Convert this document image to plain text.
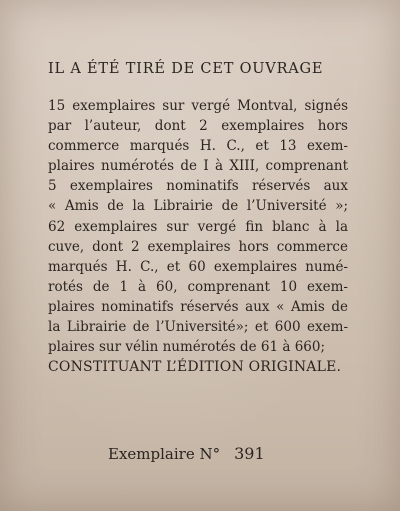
IL A ÉTÉ TIRÉ DE CET OUVRAGE
15 exemplaires sur vergé Montval, signés
par l’auteur, dont 2 exemplaires hors
commerce marqués H. C., et 13 exem-
plaires numérotés de I à XIII, comprenant
5 exemplaires nominatifs réservés aux
« Amis de la Librairie de l’Université »;
62 exemplaires sur vergé fin blanc à la
cuve, dont 2 exemplaires hors commerce
marqués H. C., et 60 exemplaires numé-
rotés de 1 à 60, comprenant 10 exem-
plaires nominatifs réservés aux « Amis de
la Librairie de l’Université»; et 600 exem-
plaires sur vélin numérotés de 61 à 660;
CONSTITUANT L’ÉDITION ORIGINALE.
Exemplaire N° 391
